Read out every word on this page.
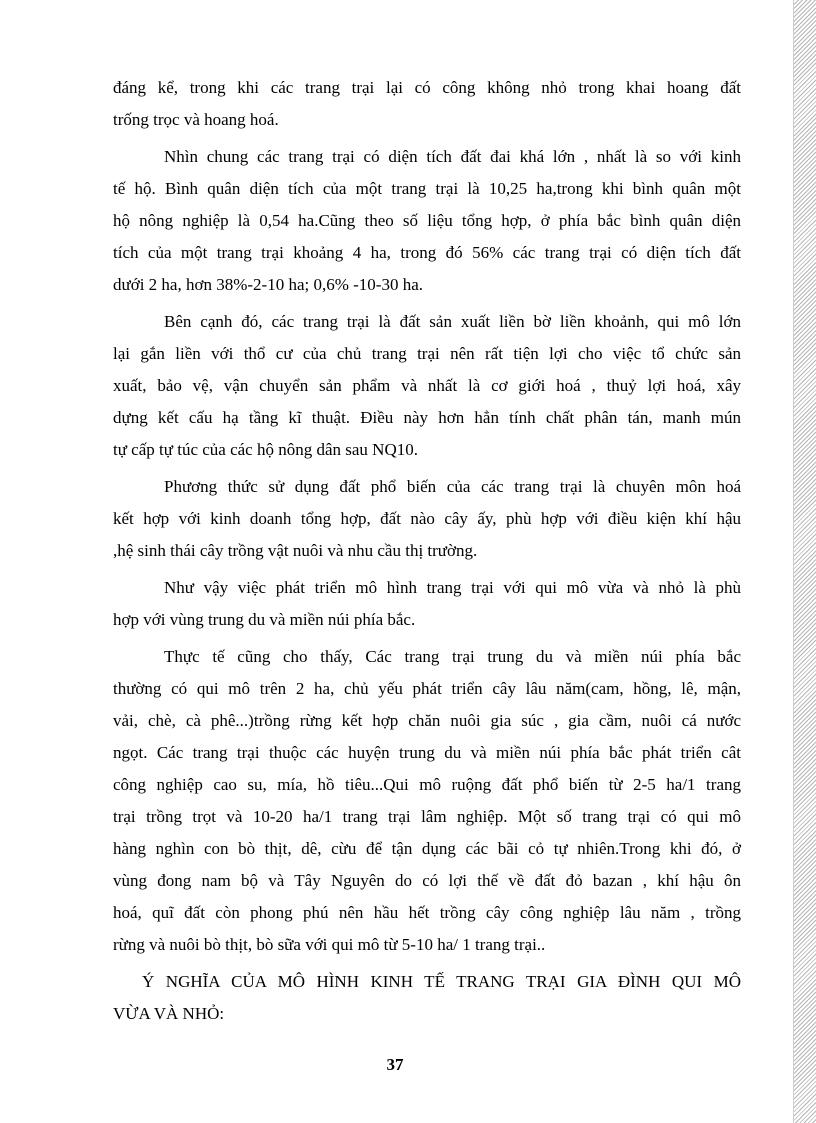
đáng kể, trong khi các trang trại lại có công không nhỏ trong khai hoang đất
trống trọc và hoang hoá.
Nhìn chung các trang trại có diện tích đất đai khá lớn , nhất là so với kinh
tế hộ. Bình quân diện tích của một trang trại là 10,25 ha,trong khi bình quân một
hộ nông nghiệp là 0,54 ha.Cũng theo số liệu tổng hợp, ở phía bắc bình quân diện
tích của một trang trại khoảng 4 ha, trong đó 56% các trang trại có diện tích đất
dưới 2 ha, hơn 38%-2-10 ha; 0,6% -10-30 ha.
Bên cạnh đó, các trang trại là đất sản xuất liền bờ liền khoảnh, qui mô lớn
lại gắn liền với thổ cư của chủ trang trại nên rất tiện lợi cho việc tổ chức sản
xuất, bảo vệ, vận chuyển sản phẩm và nhất là cơ giới hoá , thuỷ lợi hoá, xây
dựng kết cấu hạ tầng kĩ thuật. Điều này hơn hẳn tính chất phân tán, manh mún
tự cấp tự túc của các hộ nông dân sau NQ10.
Phương thức sử dụng đất phổ biến của các trang trại là chuyên môn hoá
kết hợp với kinh doanh tổng hợp, đất nào cây ấy, phù hợp với điều kiện khí hậu
,hệ sinh thái cây trồng vật nuôi và nhu cầu thị trường.
Như vậy việc phát triển mô hình trang trại với qui mô vừa và nhỏ là phù
hợp với vùng trung du và miền núi phía bắc.
Thực tế cũng cho thấy, Các trang trại trung du và miền núi phía bắc
thường có qui mô trên 2 ha, chủ yếu phát triển cây lâu năm(cam, hồng, lê, mận,
vải, chè, cà phê...)trồng rừng kết hợp chăn nuôi gia súc , gia cầm, nuôi cá nước
ngọt. Các trang trại thuộc các huyện trung du và miền núi phía bắc phát triển cât
công nghiệp cao su, mía, hồ tiêu...Qui mô ruộng đất phổ biến từ 2-5 ha/1 trang
trại trồng trọt và 10-20 ha/1 trang trại lâm nghiệp. Một số trang trại có qui mô
hàng nghìn con bò thịt, dê, cừu để tận dụng các bãi cỏ tự nhiên.Trong khi đó, ở
vùng đong nam bộ và Tây Nguyên do có lợi thế về đất đỏ bazan , khí hậu ôn
hoá, quĩ đất còn phong phú nên hầu hết trồng cây công nghiệp lâu năm , trồng
rừng và nuôi bò thịt, bò sữa với qui mô từ 5-10 ha/ 1 trang trại..
Ý NGHĨA CỦA MÔ HÌNH KINH TẾ TRANG TRẠI GIA ĐÌNH QUI MÔ
VỪA VÀ NHỎ:
37
